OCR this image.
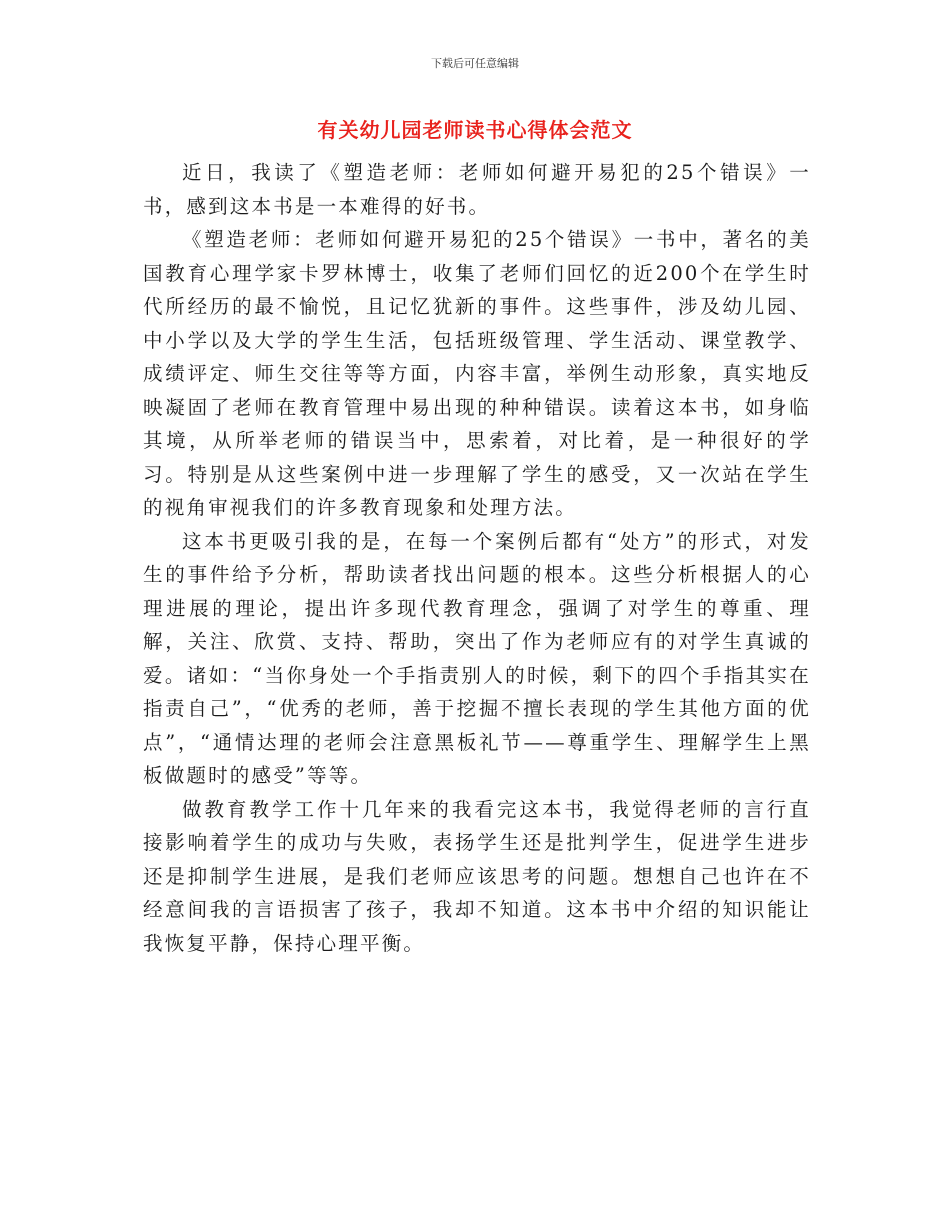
下载后可任意编辑
有关幼儿园老师读书心得体会范文

近日，我读了《塑造老师：老师如何避开易犯的25个错误》一书，感到这本书是一本难得的好书。

《塑造老师：老师如何避开易犯的25个错误》一书中，著名的美国教育心理学家卡罗林博士，收集了老师们回忆的近200个在学生时代所经历的最不愉悦，且记忆犹新的事件。这些事件，涉及幼儿园、中小学以及大学的学生生活，包括班级管理、学生活动、课堂教学、成绩评定、师生交往等等方面，内容丰富，举例生动形象，真实地反映凝固了老师在教育管理中易出现的种种错误。读着这本书，如身临其境，从所举老师的错误当中，思索着，对比着，是一种很好的学习。特别是从这些案例中进一步理解了学生的感受，又一次站在学生的视角审视我们的许多教育现象和处理方法。

这本书更吸引我的是，在每一个案例后都有“处方”的形式，对发生的事件给予分析，帮助读者找出问题的根本。这些分析根据人的心理进展的理论，提出许多现代教育理念，强调了对学生的尊重、理解，关注、欣赏、支持、帮助，突出了作为老师应有的对学生真诚的爱。诸如：“当你身处一个手指责别人的时候，剩下的四个手指其实在指责自己”，“优秀的老师，善于挖掘不擅长表现的学生其他方面的优点”，“通情达理的老师会注意黑板礼节——尊重学生、理解学生上黑板做题时的感受”等等。

做教育教学工作十几年来的我看完这本书，我觉得老师的言行直接影响着学生的成功与失败，表扬学生还是批判学生，促进学生进步还是抑制学生进展，是我们老师应该思考的问题。想想自己也许在不经意间我的言语损害了孩子，我却不知道。这本书中介绍的知识能让我恢复平静，保持心理平衡。
